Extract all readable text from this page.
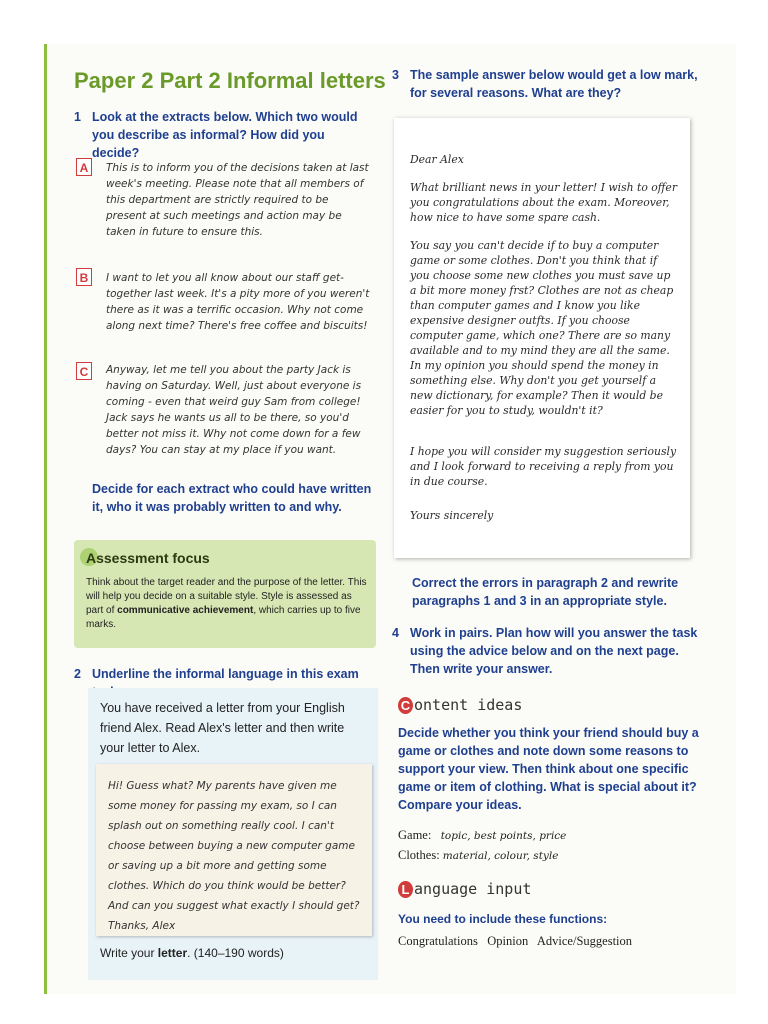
Paper 2 Part 2 Informal letters
1 Look at the extracts below. Which two would you describe as informal? How did you decide?
A	This is to inform you of the decisions taken at last week's meeting. Please note that all members of this department are strictly required to be present at such meetings and action may be taken in future to ensure this.
B	I want to let you all know about our staff get-together last week. It's a pity more of you weren't there as it was a terrific occasion. Why not come along next time? There's free coffee and biscuits!
C	Anyway, let me tell you about the party Jack is having on Saturday. Well, just about everyone is coming - even that weird guy Sam from college! Jack says he wants us all to be there, so you'd better not miss it. Why not come down for a few days? You can stay at my place if you want.
Decide for each extract who could have written it, who it was probably written to and why.
Assessment focus
Think about the target reader and the purpose of the letter. This will help you decide on a suitable style. Style is assessed as part of communicative achievement, which carries up to five marks.
2 Underline the informal language in this exam
You have received a letter from your English friend Alex. Read Alex's letter and then write your letter to Alex.
Hi! Guess what? My parents have given me some money for passing my exam, so I can splash out on something really cool. I can't choose between buying a new computer game or saving up a bit more and getting some clothes. Which do you think would be better?
And can you suggest what exactly I should get? Thanks, Alex
Write your letter. (140–190 words)
3 The sample answer below would get a low mark, for several reasons. What are they?

Dear Alex

What brilliant news in your letter! I wish to offer you congratulations about the exam. Moreover, how nice to have some spare cash.

You say you can't decide if to buy a computer game or some clothes. Don't you think that if you choose some new clothes you must save up a bit more money frst? Clothes are not as cheap than computer games and I know you like expensive designer outfts. If you choose computer game, which one? There are so many available and to my mind they are all the same. In my opinion you should spend the money in something else. Why don't you get yourself a new dictionary, for example? Then it would be easier for you to study, wouldn't it?

I hope you will consider my suggestion seriously and I look forward to receiving a reply from you in due course.

Yours sincerely

Correct the errors in paragraph 2 and rewrite paragraphs 1 and 3 in an appropriate style.
4 Work in pairs. Plan how will you answer the task using the advice below and on the next page. Then write your answer.
C ontent ideas
Decide whether you think your friend should buy a game or clothes and note down some reasons to support your view. Then think about one specific game or item of clothing. What is special about it? Compare your ideas.
Game: topic, best points, price
Clothes: material, colour, style
L anguage input
You need to include these functions:
Congratulations   Opinion   Advice/Suggestion
